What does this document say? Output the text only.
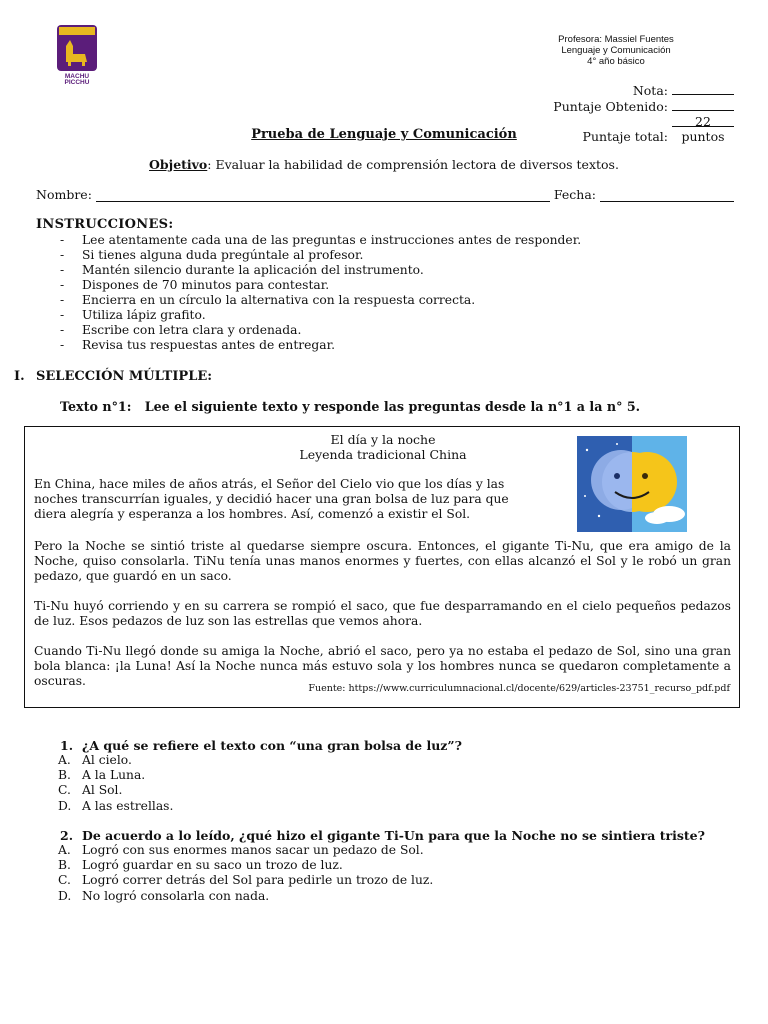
MACHU
PICCHU
Profesora: Massiel Fuentes
Lenguaje y Comunicación
4° año básico
Nota:
Puntaje Obtenido:
Puntaje total:22 puntos
Prueba de Lenguaje y Comunicación
Objetivo: Evaluar la habilidad de comprensión lectora de diversos textos.
Nombre:	Fecha:
INSTRUCCIONES:
- Lee atentamente cada una de las preguntas e instrucciones antes de responder.
- Si tienes alguna duda pregúntale al profesor.
- Mantén silencio durante la aplicación del instrumento.
- Dispones de 70 minutos para contestar.
- Encierra en un círculo la alternativa con la respuesta correcta.
- Utiliza lápiz grafito.
- Escribe con letra clara y ordenada.
- Revisa tus respuestas antes de entregar.
I. SELECCIÓN MÚLTIPLE:
Texto n°1:   Lee el siguiente texto y responde las preguntas desde la n°1 a la n° 5.
El día y la noche
Leyenda tradicional China
En China, hace miles de años atrás, el Señor del Cielo vio que los días y las noches transcurrían iguales, y decidió hacer una gran bolsa de luz para que diera alegría y esperanza a los hombres. Así, comenzó a existir el Sol.
Pero la Noche se sintió triste al quedarse siempre oscura. Entonces, el gigante Ti-Nu, que era amigo de la Noche, quiso consolarla. TiNu tenía unas manos enormes y fuertes, con ellas alcanzó el Sol y le robó un gran pedazo, que guardó en un saco.
Ti-Nu huyó corriendo y en su carrera se rompió el saco, que fue desparramando en el cielo pequeños pedazos de luz. Esos pedazos de luz son las estrellas que vemos ahora.
Cuando Ti-Nu llegó donde su amiga la Noche, abrió el saco, pero ya no estaba el pedazo de Sol, sino una gran bola blanca: ¡la Luna! Así la Noche nunca más estuvo sola y los hombres nunca se quedaron completamente a oscuras.
Fuente: https://www.curriculumnacional.cl/docente/629/articles-23751_recurso_pdf.pdf
1. ¿A qué se refiere el texto con “una gran bolsa de luz”?
A. Al cielo.
B. A la Luna.
C. Al Sol.
D. A las estrellas.
2. De acuerdo a lo leído, ¿qué hizo el gigante Ti-Un para que la Noche no se sintiera triste?
A. Logró con sus enormes manos sacar un pedazo de Sol.
B. Logró guardar en su saco un trozo de luz.
C. Logró correr detrás del Sol para pedirle un trozo de luz.
D. No logró consolarla con nada.
